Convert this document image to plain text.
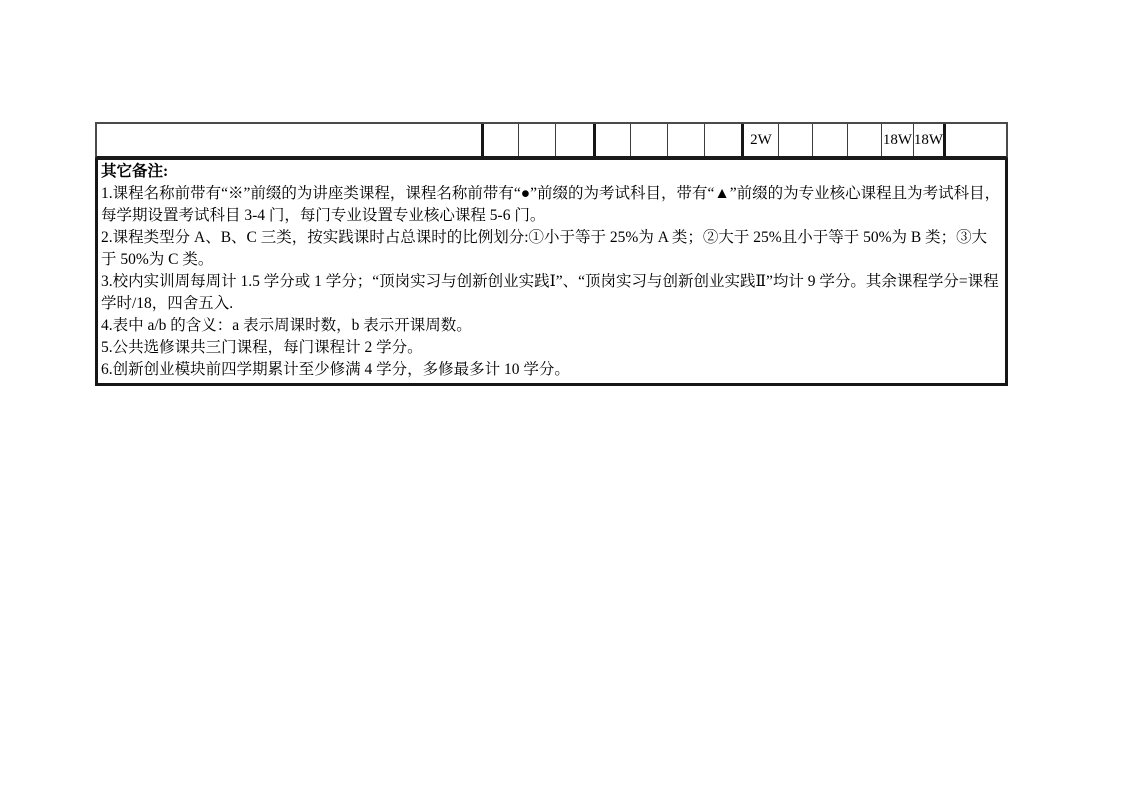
2W	18W 18W
其它备注:
1.课程名称前带有“※”前缀的为讲座类课程，课程名称前带有“●”前缀的为考试科目，带有“▲”前缀的为专业核心课程且为考试科目，每学期设置考试科目 3-4 门，每门专业设置专业核心课程 5-6 门。
2.课程类型分 A、B、C 三类，按实践课时占总课时的比例划分:①小于等于 25%为 A 类；②大于 25%且小于等于 50%为 B 类；③大于 50%为 C 类。
3.校内实训周每周计 1.5 学分或 1 学分；“顶岗实习与创新创业实践Ⅰ”、“顶岗实习与创新创业实践Ⅱ”均计 9 学分。其余课程学分=课程学时/18，四舍五入.
4.表中 a/b 的含义：a 表示周课时数，b 表示开课周数。
5.公共选修课共三门课程，每门课程计 2 学分。
6.创新创业模块前四学期累计至少修满 4 学分，多修最多计 10 学分。
